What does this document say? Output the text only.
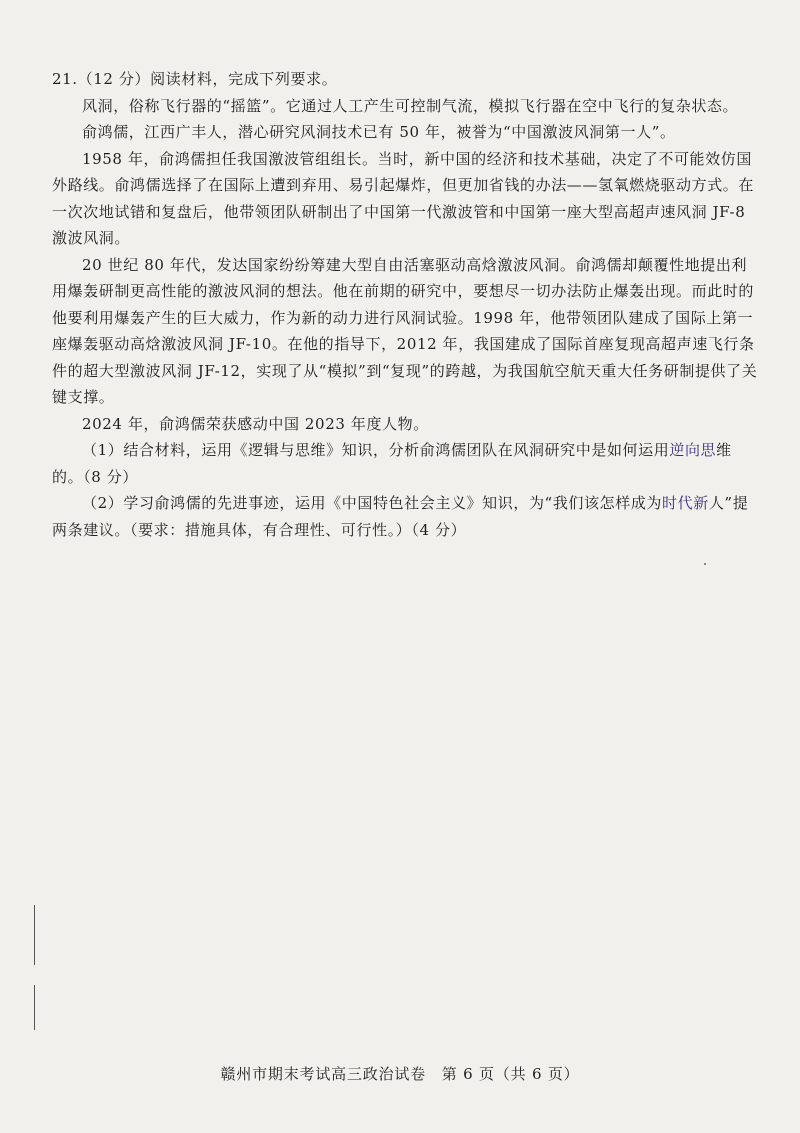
21.（12 分）阅读材料，完成下列要求。

风洞，俗称飞行器的“摇篮”。它通过人工产生可控制气流，模拟飞行器在空中飞行的复杂状态。

俞鸿儒，江西广丰人，潜心研究风洞技术已有 50 年，被誉为“中国激波风洞第一人”。

1958 年，俞鸿儒担任我国激波管组组长。当时，新中国的经济和技术基础，决定了不可能效仿国外路线。俞鸿儒选择了在国际上遭到弃用、易引起爆炸，但更加省钱的办法——氢氧燃烧驱动方式。在一次次地试错和复盘后，他带领团队研制出了中国第一代激波管和中国第一座大型高超声速风洞 JF-8 激波风洞。

20 世纪 80 年代，发达国家纷纷筹建大型自由活塞驱动高焓激波风洞。俞鸿儒却颠覆性地提出利用爆轰研制更高性能的激波风洞的想法。他在前期的研究中，要想尽一切办法防止爆轰出现。而此时的他要利用爆轰产生的巨大威力，作为新的动力进行风洞试验。1998 年，他带领团队建成了国际上第一座爆轰驱动高焓激波风洞 JF-10。在他的指导下，2012 年，我国建成了国际首座复现高超声速飞行条件的超大型激波风洞 JF-12，实现了从“模拟”到“复现”的跨越，为我国航空航天重大任务研制提供了关键支撑。

2024 年，俞鸿儒荣获感动中国 2023 年度人物。

（1）结合材料，运用《逻辑与思维》知识，分析俞鸿儒团队在风洞研究中是如何运用逆向思维的。（8 分）

（2）学习俞鸿儒的先进事迹，运用《中国特色社会主义》知识，为“我们该怎样成为时代新人”提两条建议。（要求：措施具体，有合理性、可行性。）（4 分）

赣州市期末考试高三政治试卷　第 6 页（共 6 页）
